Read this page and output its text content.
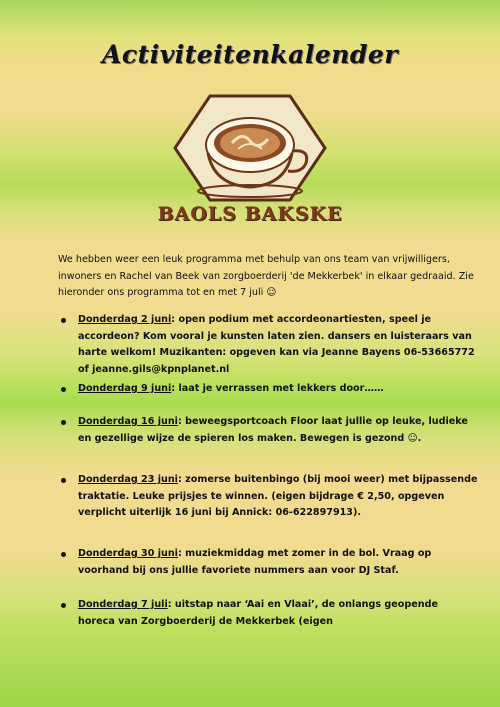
Activiteitenkalender
BAOLS BAKSKE

We hebben weer een leuk programma met behulp van ons team van vrijwilligers, inwoners en Rachel van Beek van zorgboerderij 'de Mekkerbek' in elkaar gedraaid. Zie hieronder ons programma tot en met 7 juli ☺

Donderdag 2 juni: open podium met accordeonartiesten, speel je accordeon? Kom vooral je kunsten laten zien. dansers en luisteraars van harte welkom! Muzikanten: opgeven kan via Jeanne Bayens 06-53665772 of jeanne.gils@kpnplanet.nl
Donderdag 9 juni: laat je verrassen met lekkers door……
Donderdag 16 juni: beweegsportcoach Floor laat jullie op leuke, ludieke en gezellige wijze de spieren los maken. Bewegen is gezond ☺.
Donderdag 23 juni: zomerse buitenbingo (bij mooi weer) met bijpassende traktatie. Leuke prijsjes te winnen. (eigen bijdrage € 2,50, opgeven verplicht uiterlijk 16 juni bij Annick: 06-622897913).
Donderdag 30 juni: muziekmiddag met zomer in de bol. Vraag op voorhand bij ons jullie favoriete nummers aan voor DJ Staf.
Donderdag 7 juli: uitstap naar ‘Aai en Vlaai’, de onlangs geopende horeca van Zorgboerderij de Mekkerbek (eigen
